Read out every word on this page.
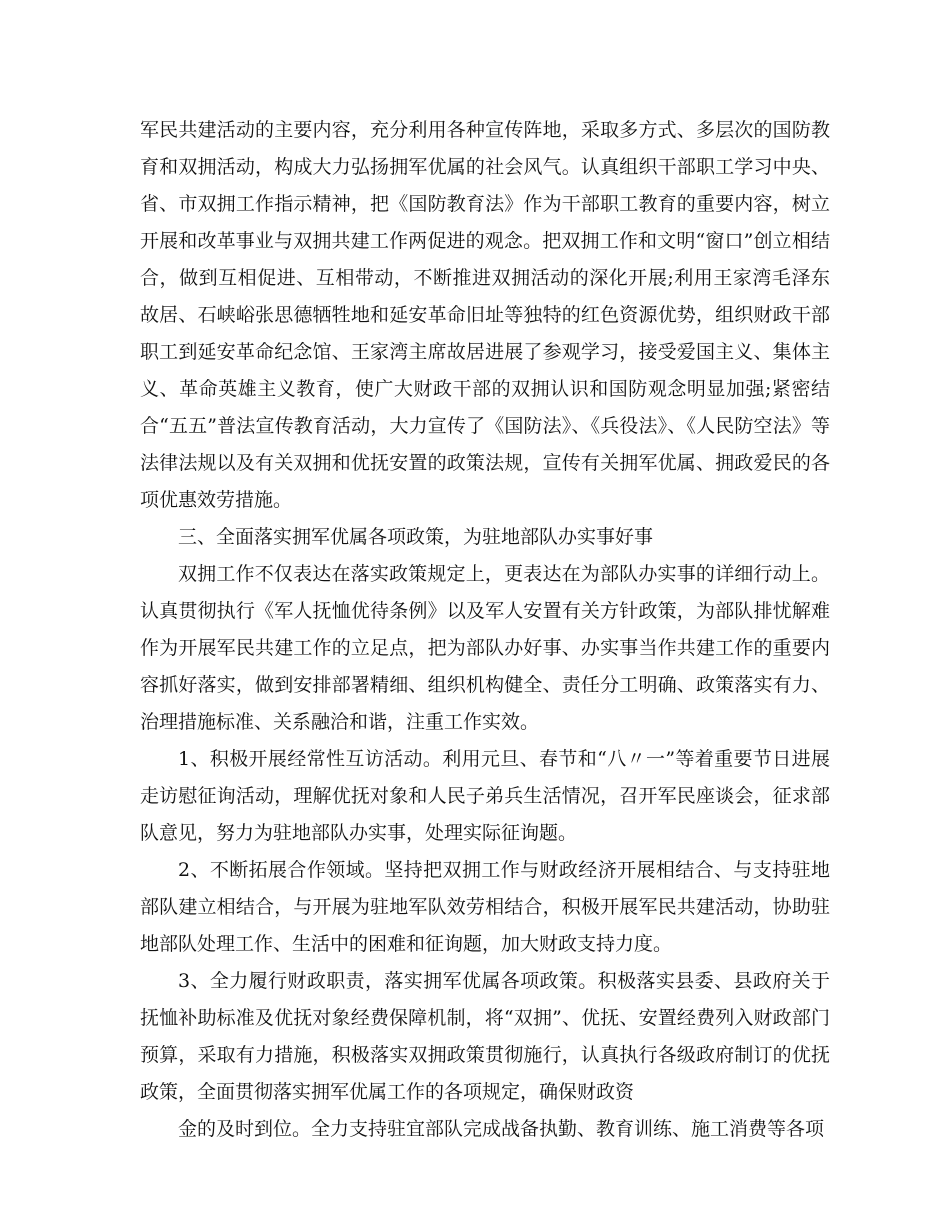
军民共建活动的主要内容，充分利用各种宣传阵地，采取多方式、多层次的国防教育和双拥活动，构成大力弘扬拥军优属的社会风气。认真组织干部职工学习中央、省、市双拥工作指示精神，把《国防教育法》作为干部职工教育的重要内容，树立开展和改革事业与双拥共建工作两促进的观念。把双拥工作和文明“窗口”创立相结合，做到互相促进、互相带动，不断推进双拥活动的深化开展;利用王家湾毛泽东故居、石峡峪张思德牺牲地和延安革命旧址等独特的红色资源优势，组织财政干部职工到延安革命纪念馆、王家湾主席故居进展了参观学习，接受爱国主义、集体主义、革命英雄主义教育，使广大财政干部的双拥认识和国防观念明显加强;紧密结合“五五”普法宣传教育活动，大力宣传了《国防法》、《兵役法》、《人民防空法》等法律法规以及有关双拥和优抚安置的政策法规，宣传有关拥军优属、拥政爱民的各项优惠效劳措施。

三、全面落实拥军优属各项政策，为驻地部队办实事好事

双拥工作不仅表达在落实政策规定上，更表达在为部队办实事的详细行动上。认真贯彻执行《军人抚恤优待条例》以及军人安置有关方针政策，为部队排忧解难作为开展军民共建工作的立足点，把为部队办好事、办实事当作共建工作的重要内容抓好落实，做到安排部署精细、组织机构健全、责任分工明确、政策落实有力、治理措施标准、关系融洽和谐，注重工作实效。

1、积极开展经常性互访活动。利用元旦、春节和“八〃一”等着重要节日进展走访慰征询活动，理解优抚对象和人民子弟兵生活情况，召开军民座谈会，征求部队意见，努力为驻地部队办实事，处理实际征询题。

2、不断拓展合作领域。坚持把双拥工作与财政经济开展相结合、与支持驻地部队建立相结合，与开展为驻地军队效劳相结合，积极开展军民共建活动，协助驻地部队处理工作、生活中的困难和征询题，加大财政支持力度。

3、全力履行财政职责，落实拥军优属各项政策。积极落实县委、县政府关于抚恤补助标准及优抚对象经费保障机制，将“双拥”、优抚、安置经费列入财政部门预算，采取有力措施，积极落实双拥政策贯彻施行，认真执行各级政府制订的优抚政策，全面贯彻落实拥军优属工作的各项规定，确保财政资

金的及时到位。全力支持驻宜部队完成战备执勤、教育训练、施工消费等各项
